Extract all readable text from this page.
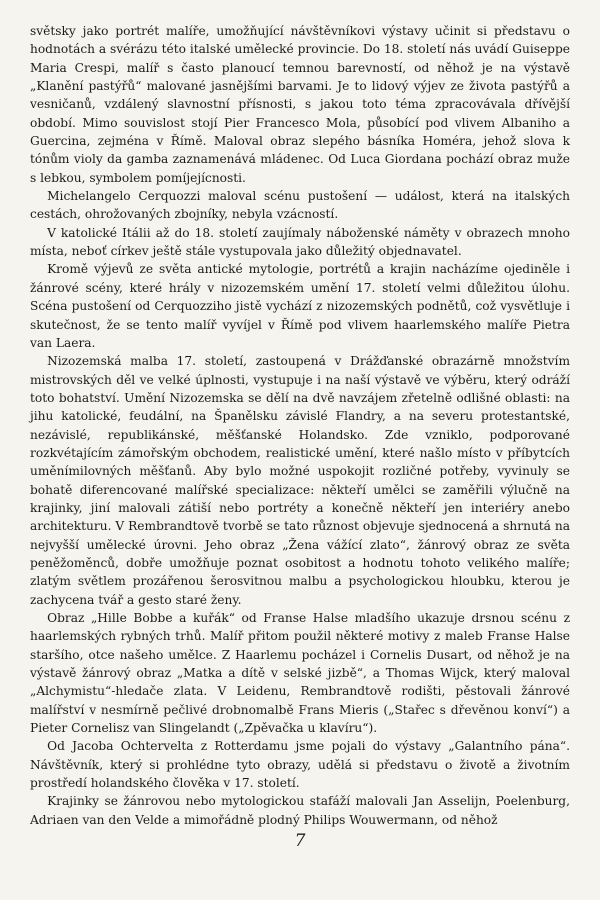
světsky jako portrét malíře, umožňující návštěvníkovi výstavy učinit si představu o hodnotách a svérázu této italské umělecké provincie. Do 18. století nás uvádí Guiseppe Maria Crespi, malíř s často planoucí temnou barevností, od něhož je na výstavě „Klanění pastýřů“ malované jasnějšími barvami. Je to lidový výjev ze života pastýřů a vesničanů, vzdálený slavnostní přísnosti, s jakou toto téma zpracovávala dřívější období. Mimo souvislost stojí Pier Francesco Mola, působící pod vlivem Albaniho a Guercina, zejména v Římě. Maloval obraz slepého básníka Homéra, jehož slova k tónům violy da gamba zaznamenává mládenec. Od Luca Giordana pochází obraz muže s lebkou, symbolem pomíjejícnosti.

Michelangelo Cerquozzi maloval scénu pustošení — událost, která na italských cestách, ohrožovaných zbojníky, nebyla vzácností.

V katolické Itálii až do 18. století zaujímaly náboženské náměty v obrazech mnoho místa, neboť církev ještě stále vystupovala jako důležitý objednavatel.

Kromě výjevů ze světa antické mytologie, portrétů a krajin nacházíme ojediněle i žánrové scény, které hrály v nizozemském umění 17. století velmi důležitou úlohu. Scéna pustošení od Cerquozziho jistě vychází z nizozemských podnětů, což vysvětluje i skutečnost, že se tento malíř vyvíjel v Římě pod vlivem haarlemského malíře Pietra van Laera.

Nizozemská malba 17. století, zastoupená v Drážďanské obrazárně množstvím mistrovských děl ve velké úplnosti, vystupuje i na naší výstavě ve výběru, který odráží toto bohatství. Umění Nizozemska se dělí na dvě navzájem zřetelně odlišné oblasti: na jihu katolické, feudální, na Španělsku závislé Flandry, a na severu protestantské, nezávislé, republikánské, měšťanské Holandsko. Zde vzniklo, podporované rozkvétajícím zámořským obchodem, realistické umění, které našlo místo v příbytcích uměnímilovných měšťanů. Aby bylo možné uspokojit rozličné potřeby, vyvinuly se bohatě diferencované malířské specializace: někteří umělci se zaměřili výlučně na krajinky, jiní malovali zátiší nebo portréty a konečně někteří jen interiéry anebo architekturu. V Rembrandtově tvorbě se tato různost objevuje sjednocená a shrnutá na nejvyšší umělecké úrovni. Jeho obraz „Žena vážící zlato“, žánrový obraz ze světa peněžoměnců, dobře umožňuje poznat osobitost a hodnotu tohoto velikého malíře; zlatým světlem prozářenou šerosvitnou malbu a psychologickou hloubku, kterou je zachycena tvář a gesto staré ženy.

Obraz „Hille Bobbe a kuřák“ od Franse Halse mladšího ukazuje drsnou scénu z haarlemských rybných trhů. Malíř přitom použil některé motivy z maleb Franse Halse staršího, otce našeho umělce. Z Haarlemu pocházel i Cornelis Dusart, od něhož je na výstavě žánrový obraz „Matka a dítě v selské jizbě“, a Thomas Wijck, který maloval „Alchymistu“-hledače zlata. V Leidenu, Rembrandtově rodišti, pěstovali žánrové malířství v nesmírně pečlivé drobnomalbě Frans Mieris („Stařec s dřevěnou konví“) a Pieter Cornelisz van Slingelandt („Zpěvačka u klavíru“).

Od Jacoba Ochtervelta z Rotterdamu jsme pojali do výstavy „Galantního pána“. Návštěvník, který si prohlédne tyto obrazy, udělá si představu o životě a životním prostředí holandského člověka v 17. století.

Krajinky se žánrovou nebo mytologickou stafáží malovali Jan Asselijn, Poelenburg, Adriaen van den Velde a mimořádně plodný Philips Wouwermann, od něhož

7
